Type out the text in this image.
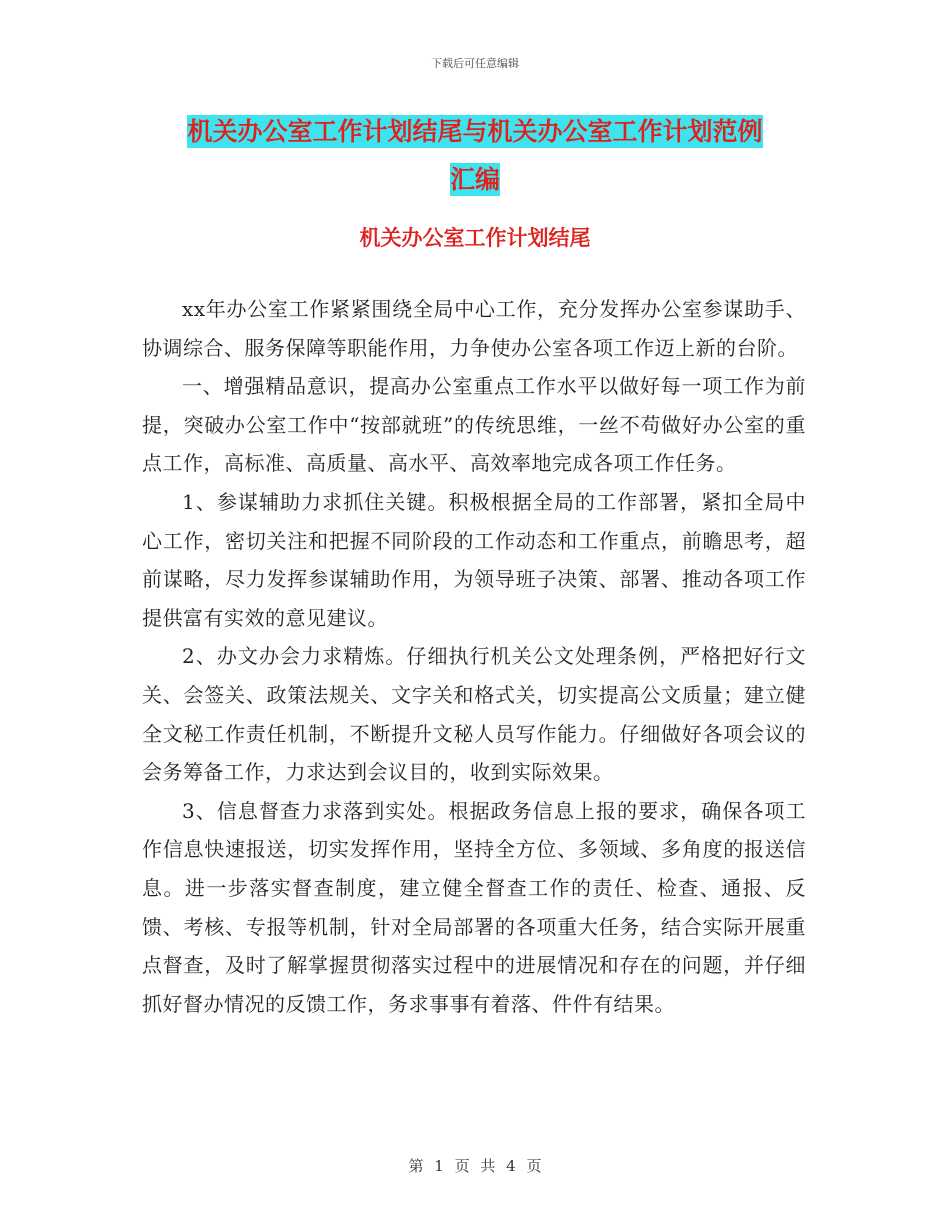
下载后可任意编辑
机关办公室工作计划结尾与机关办公室工作计划范例
汇编
机关办公室工作计划结尾

xx年办公室工作紧紧围绕全局中心工作，充分发挥办公室参谋助手、协调综合、服务保障等职能作用，力争使办公室各项工作迈上新的台阶。

一、增强精品意识，提高办公室重点工作水平以做好每一项工作为前提，突破办公室工作中“按部就班”的传统思维，一丝不苟做好办公室的重点工作，高标准、高质量、高水平、高效率地完成各项工作任务。

1、参谋辅助力求抓住关键。积极根据全局的工作部署，紧扣全局中心工作，密切关注和把握不同阶段的工作动态和工作重点，前瞻思考，超前谋略，尽力发挥参谋辅助作用，为领导班子决策、部署、推动各项工作提供富有实效的意见建议。

2、办文办会力求精炼。仔细执行机关公文处理条例，严格把好行文关、会签关、政策法规关、文字关和格式关，切实提高公文质量；建立健全文秘工作责任机制，不断提升文秘人员写作能力。仔细做好各项会议的会务筹备工作，力求达到会议目的，收到实际效果。

3、信息督查力求落到实处。根据政务信息上报的要求，确保各项工作信息快速报送，切实发挥作用，坚持全方位、多领域、多角度的报送信息。进一步落实督查制度，建立健全督查工作的责任、检查、通报、反馈、考核、专报等机制，针对全局部署的各项重大任务，结合实际开展重点督查，及时了解掌握贯彻落实过程中的进展情况和存在的问题，并仔细抓好督办情况的反馈工作，务求事事有着落、件件有结果。

第 1 页 共 4 页
